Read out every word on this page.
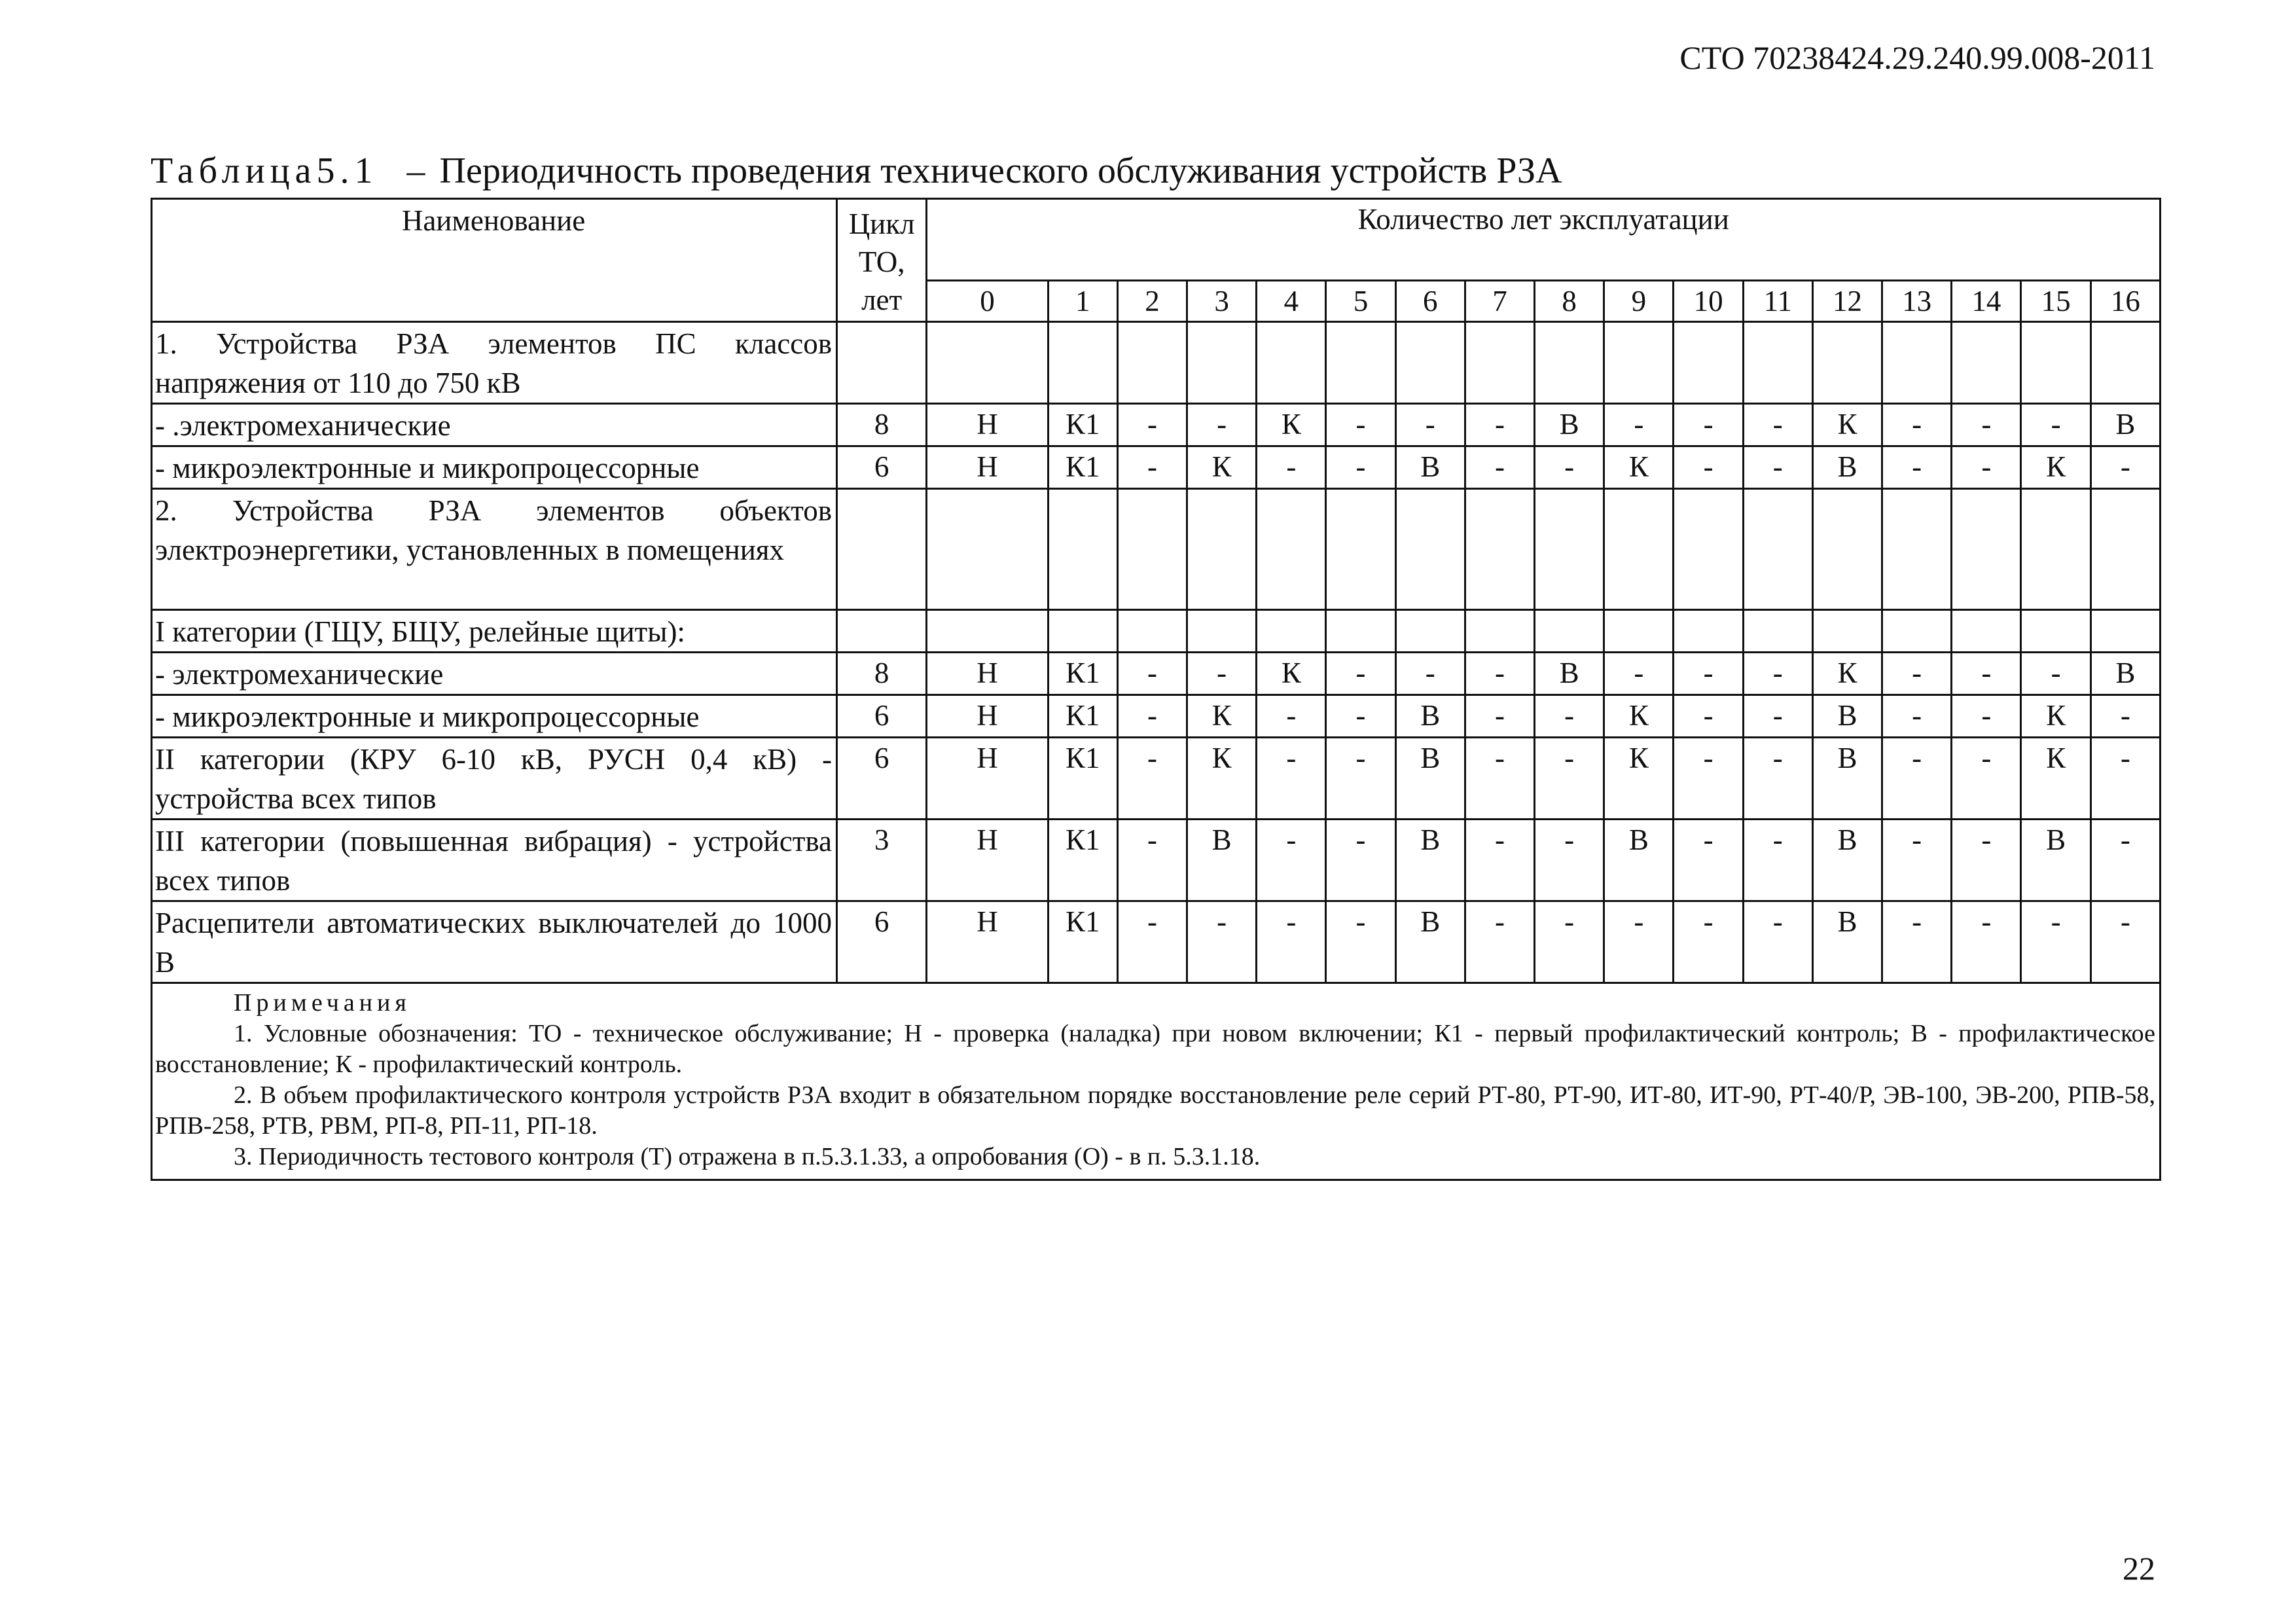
СТО 70238424.29.240.99.008-2011
Таблица5.1 – Периодичность проведения технического обслуживания устройств РЗА
Наименование	Цикл ТО, лет	Количество лет эксплуатации																
		0	1	2	3	4	5	6	7	8	9	10	11	12	13	14	15	16
1. Устройства РЗА элементов ПС классов напряжения от 110 до 750 кВ																		
- .электромеханические	8	Н	К1	-	-	К	-	-	-	В	-	-	-	К	-	-	-	В
- микроэлектронные и микропроцессорные	6	Н	К1	-	К	-	-	В	-	-	К	-	-	В	-	-	К	-
2. Устройства РЗА элементов объектов электроэнергетики, установленных в помещениях																		
I категории (ГЩУ, БЩУ, релейные щиты):																		
- электромеханические	8	Н	К1	-	-	К	-	-	-	В	-	-	-	К	-	-	-	В
- микроэлектронные и микропроцессорные	6	Н	К1	-	К	-	-	В	-	-	К	-	-	В	-	-	К	-
II категории (КРУ 6-10 кВ, РУСН 0,4 кВ) - устройства всех типов	6	Н	К1	-	К	-	-	В	-	-	К	-	-	В	-	-	К	-
III категории (повышенная вибрация) - устройства всех типов	3	Н	К1	-	В	-	-	В	-	-	В	-	-	В	-	-	В	-
Расцепители автоматических выключателей до 1000 В	6	Н	К1	-	-	-	-	В	-	-	-	-	-	В	-	-	-	-

Примечания
1. Условные обозначения: ТО - техническое обслуживание; Н - проверка (наладка) при новом включении; К1 - первый профилактический контроль; В - профилактическое восстановление; К - профилактический контроль.
2. В объем профилактического контроля устройств РЗА входит в обязательном порядке восстановление реле серий РТ-80, РТ-90, ИТ-80, ИТ-90, РТ-40/Р, ЭВ-100, ЭВ-200, РПВ-58, РПВ-258, РТВ, РВМ, РП-8, РП-11, РП-18.
3. Периодичность тестового контроля (Т) отражена в п.5.3.1.33, а опробования (О) - в п. 5.3.1.18.																		
22
